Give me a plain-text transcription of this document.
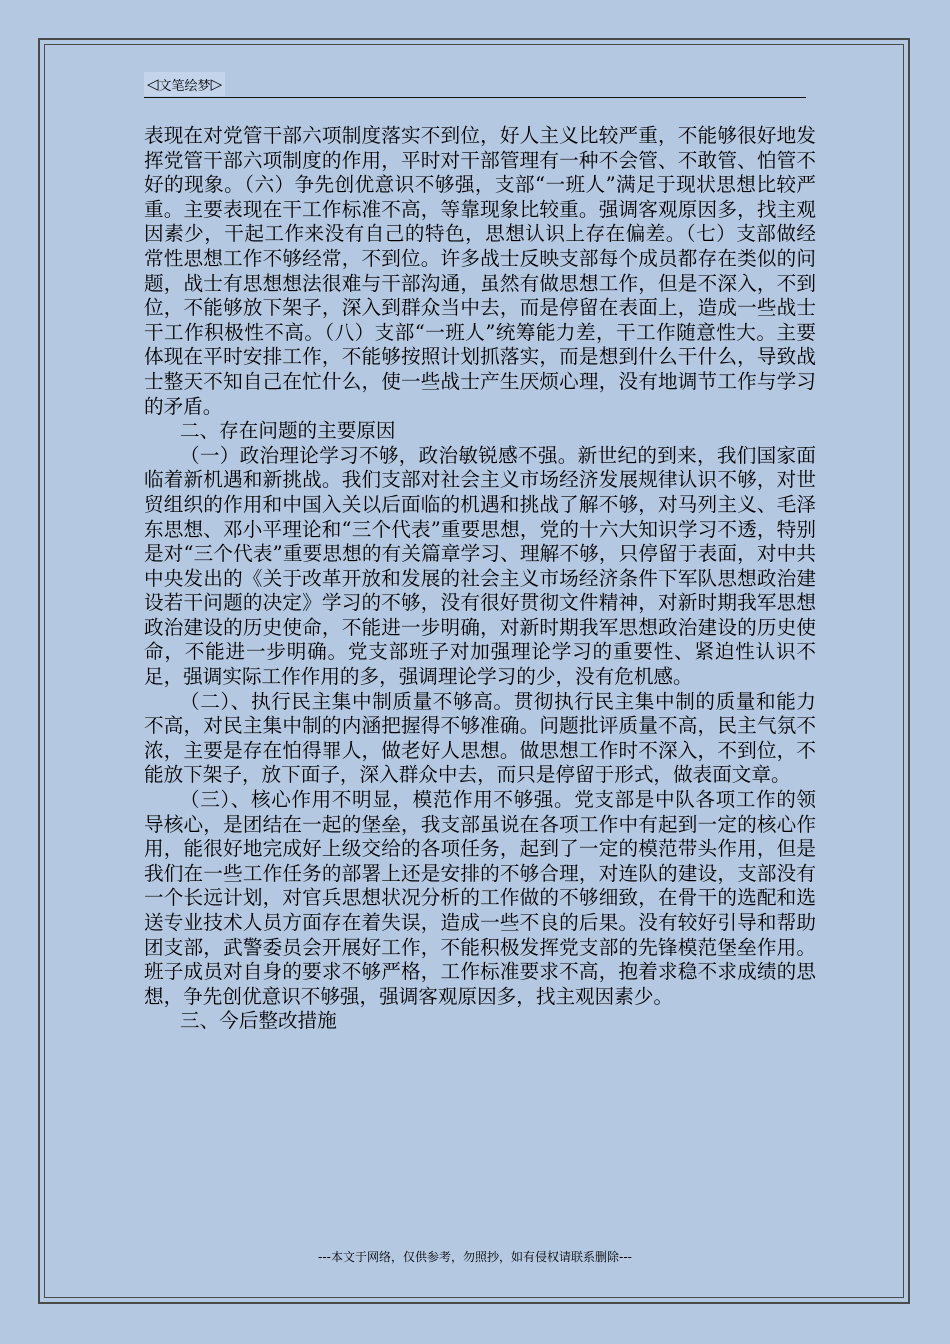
◁ 文笔绘梦 ▷

表现在对党管干部六项制度落实不到位，好人主义比较严重，不能够很好地发挥党管干部六项制度的作用，平时对干部管理有一种不会管、不敢管、怕管不好的现象。（六）争先创优意识不够强，支部“一班人”满足于现状思想比较严重。主要表现在干工作标准不高，等靠现象比较重。强调客观原因多，找主观因素少，干起工作来没有自己的特色，思想认识上存在偏差。（七）支部做经常性思想工作不够经常，不到位。许多战士反映支部每个成员都存在类似的问题，战士有思想想法很难与干部沟通，虽然有做思想工作，但是不深入，不到位，不能够放下架子，深入到群众当中去，而是停留在表面上，造成一些战士干工作积极性不高。（八）支部“一班人”统筹能力差，干工作随意性大。主要体现在平时安排工作，不能够按照计划抓落实，而是想到什么干什么，导致战士整天不知自己在忙什么，使一些战士产生厌烦心理，没有地调节工作与学习的矛盾。

二、存在问题的主要原因

（一）政治理论学习不够，政治敏锐感不强。新世纪的到来，我们国家面临着新机遇和新挑战。我们支部对社会主义市场经济发展规律认识不够，对世贸组织的作用和中国入关以后面临的机遇和挑战了解不够，对马列主义、毛泽东思想、邓小平理论和“三个代表”重要思想，党的十六大知识学习不透，特别是对“三个代表”重要思想的有关篇章学习、理解不够，只停留于表面，对中共中央发出的《关于改革开放和发展的社会主义市场经济条件下军队思想政治建设若干问题的决定》学习的不够，没有很好贯彻文件精神，对新时期我军思想政治建设的历史使命，不能进一步明确，对新时期我军思想政治建设的历史使命，不能进一步明确。党支部班子对加强理论学习的重要性、紧迫性认识不足，强调实际工作作用的多，强调理论学习的少，没有危机感。

（二）、执行民主集中制质量不够高。贯彻执行民主集中制的质量和能力不高，对民主集中制的内涵把握得不够准确。问题批评质量不高，民主气氛不浓，主要是存在怕得罪人，做老好人思想。做思想工作时不深入，不到位，不能放下架子，放下面子，深入群众中去，而只是停留于形式，做表面文章。

（三）、核心作用不明显，模范作用不够强。党支部是中队各项工作的领导核心，是团结在一起的堡垒，我支部虽说在各项工作中有起到一定的核心作用，能很好地完成好上级交给的各项任务，起到了一定的模范带头作用，但是我们在一些工作任务的部署上还是安排的不够合理，对连队的建设，支部没有一个长远计划，对官兵思想状况分析的工作做的不够细致，在骨干的选配和选送专业技术人员方面存在着失误，造成一些不良的后果。没有较好引导和帮助团支部，武警委员会开展好工作，不能积极发挥党支部的先锋模范堡垒作用。班子成员对自身的要求不够严格，工作标准要求不高，抱着求稳不求成绩的思想，争先创优意识不够强，强调客观原因多，找主观因素少。

三、今后整改措施

---本文于网络，仅供参考，勿照抄，如有侵权请联系删除---
